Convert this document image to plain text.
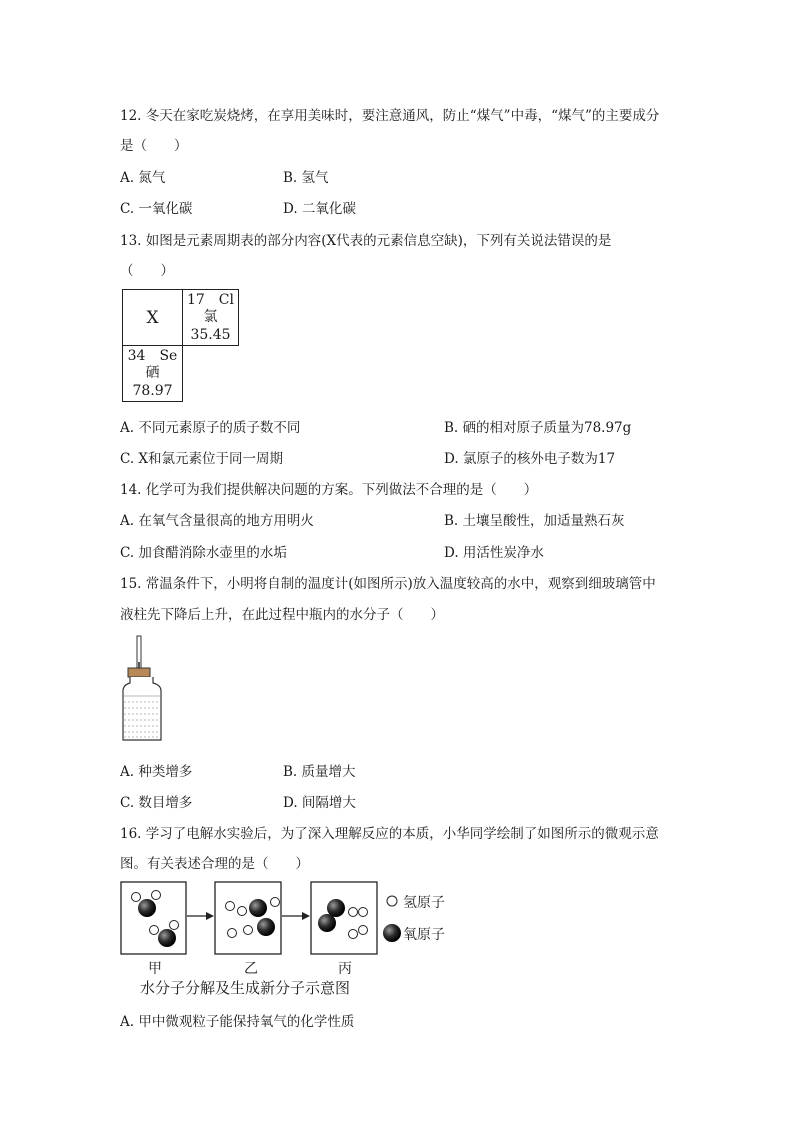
12. 冬天在家吃炭烧烤，在享用美味时，要注意通风，防止“煤气”中毒，“煤气”的主要成分
是（　　）
A. 氮气	B. 氢气
C. 一氧化碳	D. 二氧化碳
13. 如图是元素周期表的部分内容(X代表的元素信息空缺)，下列有关说法错误的是
（　　）
X
17　Cl
氯
35.45
34　Se
硒
78.97
A. 不同元素原子的质子数不同	B. 硒的相对原子质量为78.97g
C. X和氯元素位于同一周期	D. 氯原子的核外电子数为17
14. 化学可为我们提供解决问题的方案。下列做法不合理的是（　　）
A. 在氧气含量很高的地方用明火	B. 土壤呈酸性，加适量熟石灰
C. 加食醋消除水壶里的水垢	D. 用活性炭净水
15. 常温条件下，小明将自制的温度计(如图所示)放入温度较高的水中，观察到细玻璃管中
液柱先下降后上升，在此过程中瓶内的水分子（　　）
A. 种类增多	B. 质量增大
C. 数目增多	D. 间隔增大
16. 学习了电解水实验后，为了深入理解反应的本质，小华同学绘制了如图所示的微观示意
图。有关表述合理的是（　　）
氢原子
氧原子
甲	乙	丙
水分子分解及生成新分子示意图
A. 甲中微观粒子能保持氧气的化学性质
